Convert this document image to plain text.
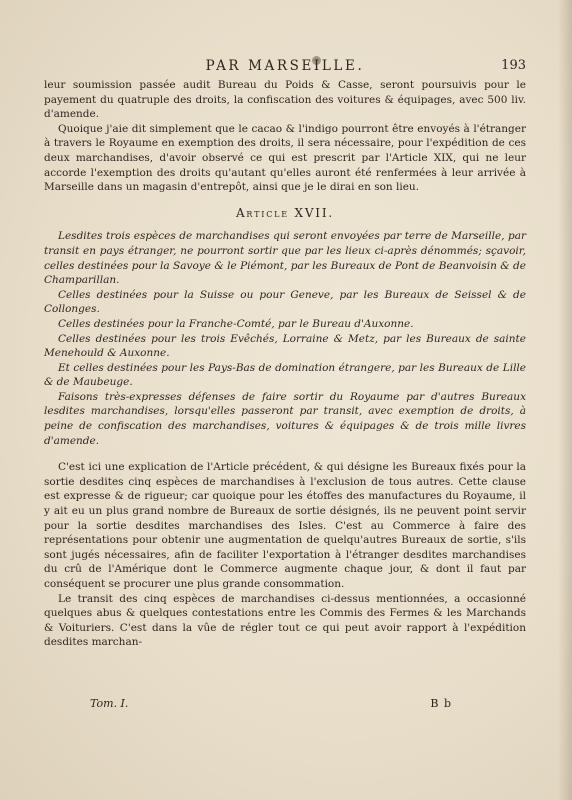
PAR MARSEILLE.	193

leur soumission passée audit Bureau du Poids & Casse, seront poursuivis pour le payement du quatruple des droits, la confiscation des voitures & équipages, avec 500 liv. d'amende.

Quoique j'aie dit simplement que le cacao & l'indigo pourront être envoyés à l'étranger à travers le Royaume en exemption des droits, il sera nécessaire, pour l'expédition de ces deux marchandises, d'avoir observé ce qui est prescrit par l'Article XIX, qui ne leur accorde l'exemption des droits qu'autant qu'elles auront été renfermées à leur arrivée à Marseille dans un magasin d'entrepôt, ainsi que je le dirai en son lieu.

Article XVII.

Lesdites trois espèces de marchandises qui seront envoyées par terre de Marseille, par transit en pays étranger, ne pourront sortir que par les lieux ci-après dénommés; sçavoir, celles destinées pour la Savoye & le Piémont, par les Bureaux de Pont de Beanvoisin & de Champarillan.

Celles destinées pour la Suisse ou pour Geneve, par les Bureaux de Seissel & de Collonges.

Celles destinées pour la Franche-Comté, par le Bureau d'Auxonne.

Celles destinées pour les trois Evêchés, Lorraine & Metz, par les Bureaux de sainte Menehould & Auxonne.

Et celles destinées pour les Pays-Bas de domination étrangere, par les Bureaux de Lille & de Maubeuge.

Faisons très-expresses défenses de faire sortir du Royaume par d'autres Bureaux lesdites marchandises, lorsqu'elles passeront par transit, avec exemption de droits, à peine de confiscation des marchandises, voitures & équipages & de trois mille livres d'amende.

C'est ici une explication de l'Article précédent, & qui désigne les Bureaux fixés pour la sortie desdites cinq espèces de marchandises à l'exclusion de tous autres. Cette clause est expresse & de rigueur; car quoique pour les étoffes des manufactures du Royaume, il y ait eu un plus grand nombre de Bureaux de sortie désignés, ils ne peuvent point servir pour la sortie desdites marchandises des Isles. C'est au Commerce à faire des représentations pour obtenir une augmentation de quelqu'autres Bureaux de sortie, s'ils sont jugés nécessaires, afin de faciliter l'exportation à l'étranger desdites marchandises du crû de l'Amérique dont le Commerce augmente chaque jour, & dont il faut par conséquent se procurer une plus grande consommation.

Le transit des cinq espèces de marchandises ci-dessus mentionnées, a occasionné quelques abus & quelques contestations entre les Commis des Fermes & les Marchands & Voituriers. C'est dans la vûe de régler tout ce qui peut avoir rapport à l'expédition desdites marchan-

Tom. I.	B b
